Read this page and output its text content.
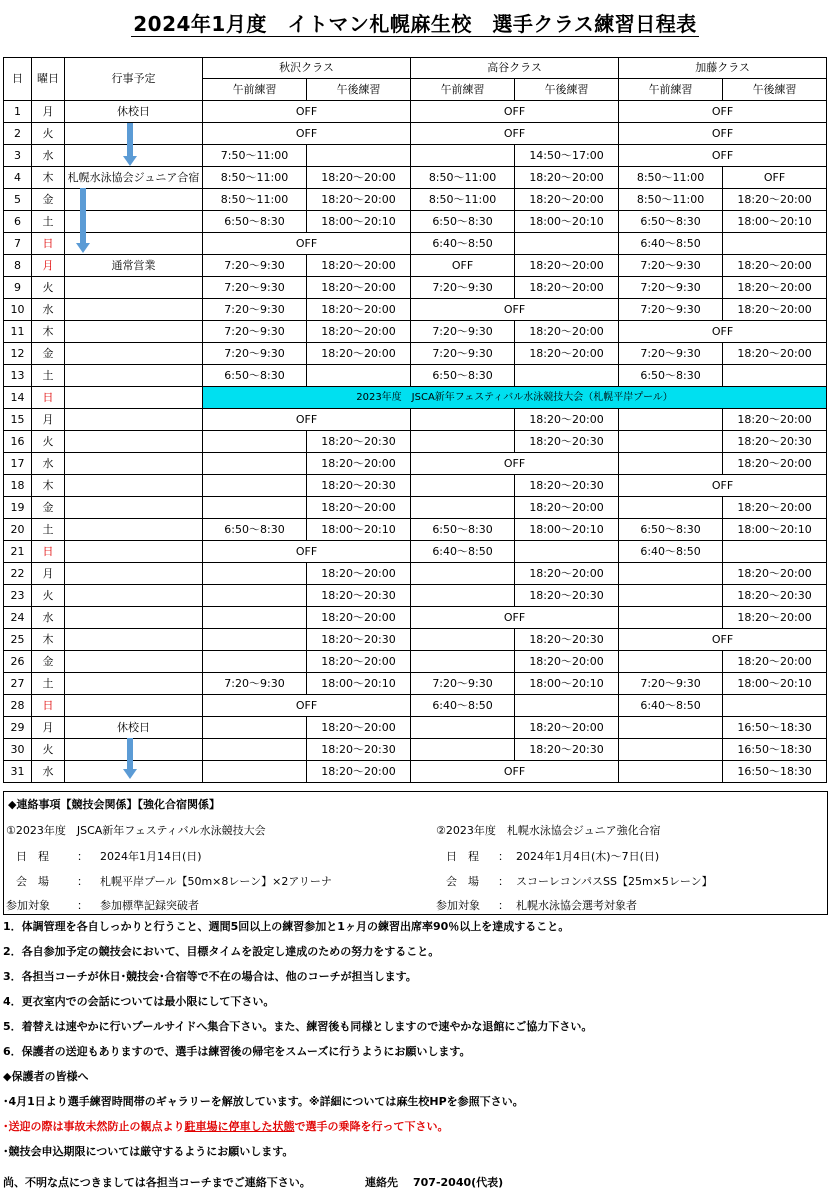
2024年1月度　イトマン札幌麻生校　選手クラス練習日程表
日	曜日	行事予定	秋沢クラス		高谷クラス		加藤クラス	
			午前練習	午後練習	午前練習	午後練習	午前練習	午後練習
1	月	休校日	OFF		OFF		OFF	
2	火		OFF		OFF		OFF	
3	水		7:50～11:00			14:50～17:00	OFF	
4	木	札幌水泳協会ジュニア合宿	8:50～11:00	18:20～20:00	8:50～11:00	18:20～20:00	8:50～11:00	OFF
5	金		8:50～11:00	18:20～20:00	8:50～11:00	18:20～20:00	8:50～11:00	18:20～20:00
6	土		6:50～8:30	18:00～20:10	6:50～8:30	18:00～20:10	6:50～8:30	18:00～20:10
7	日		OFF		6:40～8:50		6:40～8:50	
8	月	通常営業	7:20～9:30	18:20～20:00	OFF	18:20～20:00	7:20～9:30	18:20～20:00
9	火		7:20～9:30	18:20～20:00	7:20～9:30	18:20～20:00	7:20～9:30	18:20～20:00
10	水		7:20～9:30	18:20～20:00	OFF		7:20～9:30	18:20～20:00
11	木		7:20～9:30	18:20～20:00	7:20～9:30	18:20～20:00	OFF	
12	金		7:20～9:30	18:20～20:00	7:20～9:30	18:20～20:00	7:20～9:30	18:20～20:00
13	土		6:50～8:30		6:50～8:30		6:50～8:30	
14	日		2023年度　JSCA新年フェスティバル水泳競技大会（札幌平岸プール）					
15	月		OFF			18:20～20:00		18:20～20:00
16	火			18:20～20:30		18:20～20:30		18:20～20:30
17	水			18:20～20:00	OFF			18:20～20:00
18	木			18:20～20:30		18:20～20:30	OFF	
19	金			18:20～20:00		18:20～20:00		18:20～20:00
20	土		6:50～8:30	18:00～20:10	6:50～8:30	18:00～20:10	6:50～8:30	18:00～20:10
21	日		OFF		6:40～8:50		6:40～8:50	
22	月			18:20～20:00		18:20～20:00		18:20～20:00
23	火			18:20～20:30		18:20～20:30		18:20～20:30
24	水			18:20～20:00	OFF			18:20～20:00
25	木			18:20～20:30		18:20～20:30	OFF	
26	金			18:20～20:00		18:20～20:00		18:20～20:00
27	土		7:20～9:30	18:00～20:10	7:20～9:30	18:00～20:10	7:20～9:30	18:00～20:10
28	日		OFF		6:40～8:50		6:40～8:50	
29	月	休校日		18:20～20:00		18:20～20:00		16:50～18:30
30	火			18:20～20:30		18:20～20:30		16:50～18:30
31	水			18:20～20:00	OFF			16:50～18:30
◆連絡事項【競技会関係】【強化合宿関係】
①2023年度　JSCA新年フェスティバル水泳競技大会
日　程	： 2024年1月14日(日)
会　場	： 札幌平岸プール【50m×8レーン】×2アリーナ
参加対象 ： 参加標準記録突破者
②2023年度　札幌水泳協会ジュニア強化合宿
日　程 ： 2024年1月4日(木)～7日(日)
会　場 ： スコーレコンパスSS【25m×5レーン】
参加対象 ： 札幌水泳協会選考対象者
1．体調管理を各自しっかりと行うこと、週間5回以上の練習参加と1ヶ月の練習出席率90％以上を達成すること。
2．各自参加予定の競技会において、目標タイムを設定し達成のための努力をすること。
3．各担当コーチが休日･競技会･合宿等で不在の場合は、他のコーチが担当します。
4．更衣室内での会話については最小限にして下さい。
5．着替えは速やかに行いプールサイドへ集合下さい。また、練習後も同様としますので速やかな退館にご協力下さい。
6．保護者の送迎もありますので、選手は練習後の帰宅をスムーズに行うようにお願いします。
◆保護者の皆様へ
･4月1日より選手練習時間帯のギャラリーを解放しています。※詳細については麻生校HPを参照下さい。
･送迎の際は事故未然防止の観点より駐車場に停車した状態で選手の乗降を行って下さい。
･競技会申込期限については厳守するようにお願いします。
尚、不明な点につきましては各担当コーチまでご連絡下さい。	連絡先 707-2040(代表)
